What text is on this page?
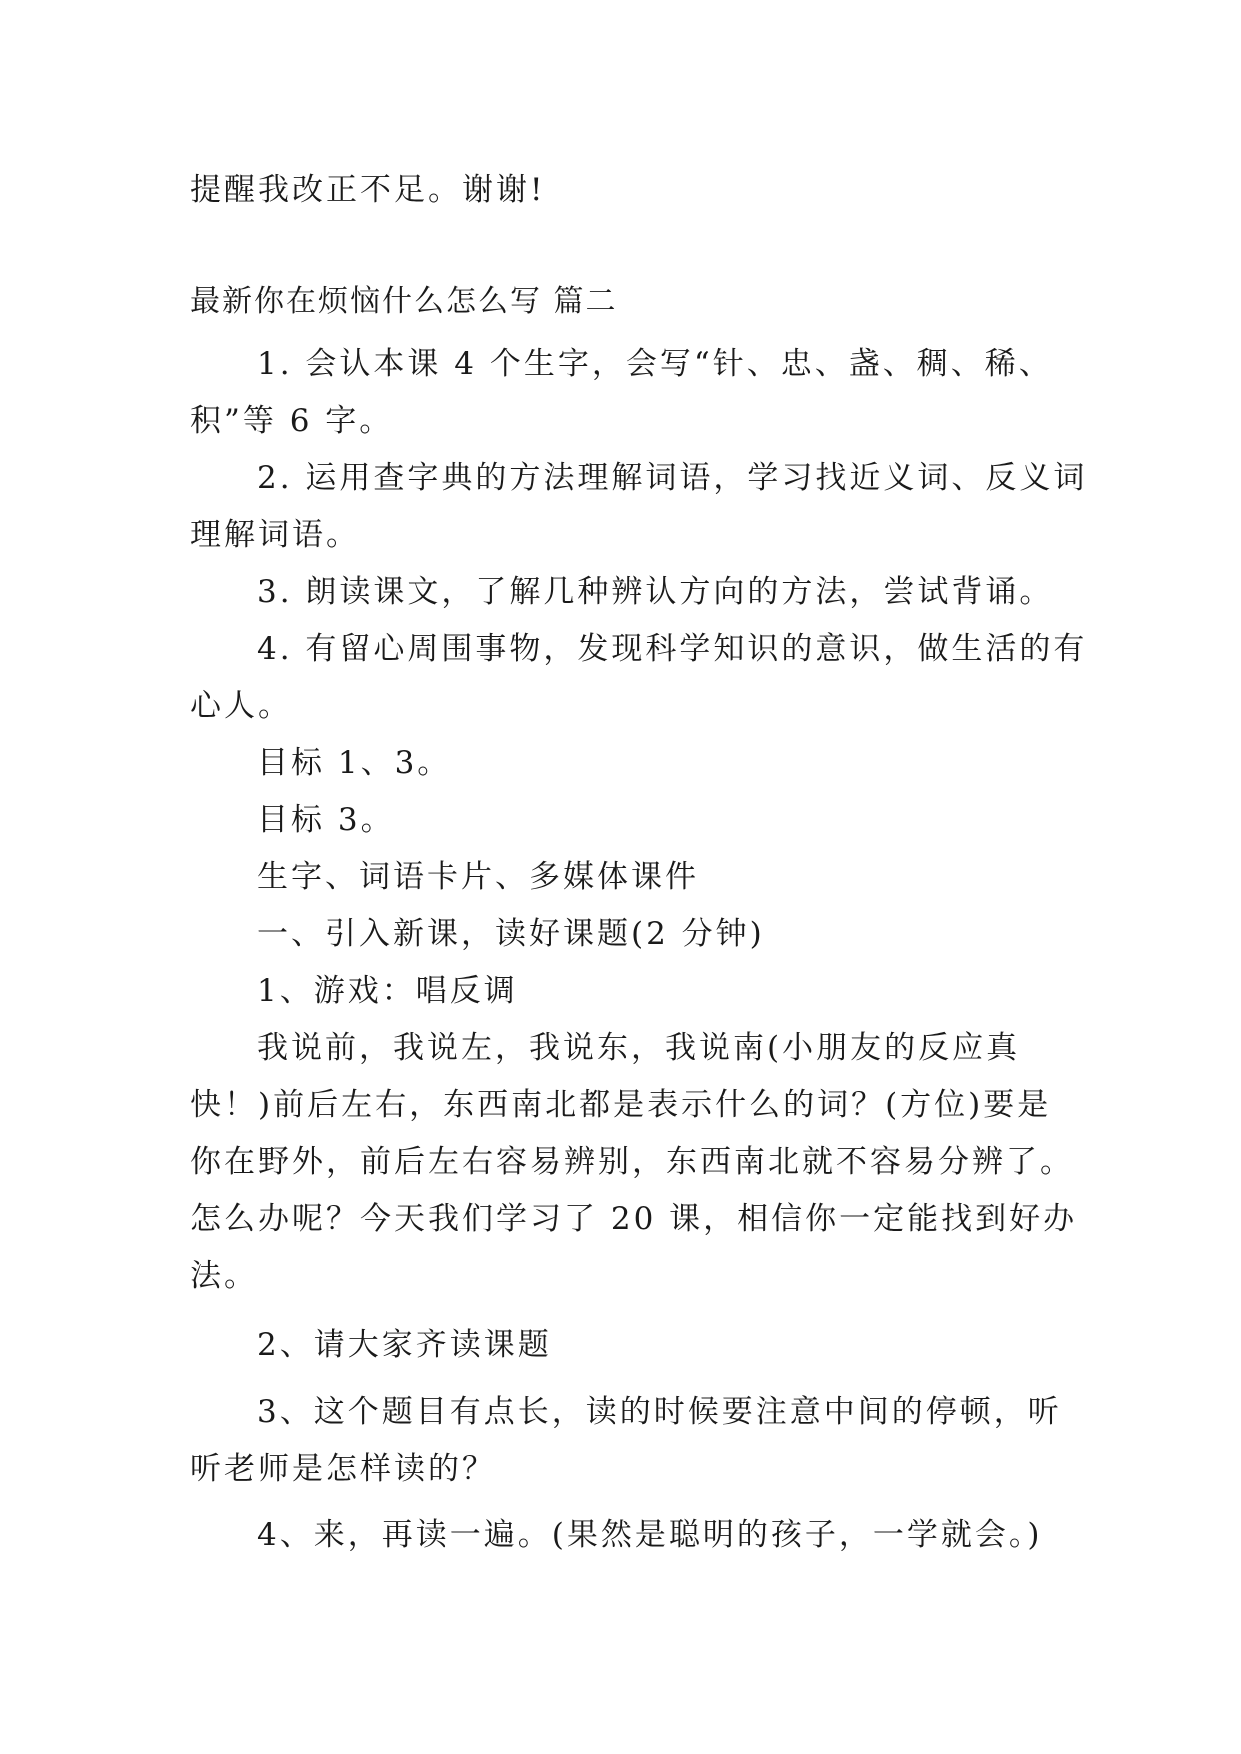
提醒我改正不足。谢谢!
最新你在烦恼什么怎么写 篇二
1. 会认本课 4 个生字，会写“针、忠、盏、稠、稀、
积”等 6 字。
2. 运用查字典的方法理解词语，学习找近义词、反义词
理解词语。
3. 朗读课文，了解几种辨认方向的方法，尝试背诵。
4. 有留心周围事物，发现科学知识的意识，做生活的有
心人。
目标 1、3。
目标 3。
生字、词语卡片、多媒体课件
一、引入新课，读好课题(2 分钟)
1、游戏：唱反调
我说前，我说左，我说东，我说南(小朋友的反应真
快！)前后左右，东西南北都是表示什么的词？(方位)要是
你在野外，前后左右容易辨别，东西南北就不容易分辨了。
怎么办呢？今天我们学习了 20 课，相信你一定能找到好办
法。
2、请大家齐读课题
3、这个题目有点长，读的时候要注意中间的停顿，听
听老师是怎样读的？
4、来，再读一遍。(果然是聪明的孩子，一学就会。)
